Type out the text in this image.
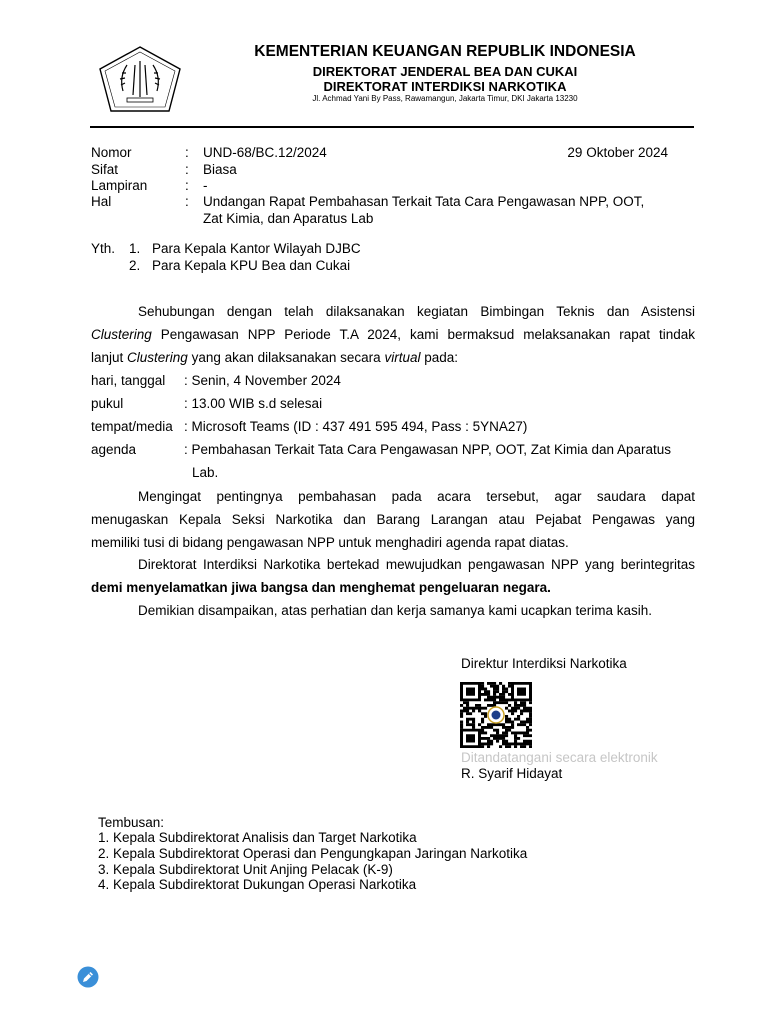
KEMENTERIAN KEUANGAN REPUBLIK INDONESIA
DIREKTORAT JENDERAL BEA DAN CUKAI
DIREKTORAT INTERDIKSI NARKOTIKA
Jl. Achmad Yani By Pass, Rawamangun, Jakarta Timur, DKI Jakarta 13230
29 Oktober 2024
Nomor	: UND-68/BC.12/2024
Sifat	: Biasa
Lampiran	: -
Hal	: Undangan Rapat Pembahasan Terkait Tata Cara Pengawasan NPP, OOT,
Zat Kimia, dan Aparatus Lab
Yth. 1. Para Kepala Kantor Wilayah DJBC
2. Para Kepala KPU Bea dan Cukai
Sehubungan dengan telah dilaksanakan kegiatan Bimbingan Teknis dan Asistensi
Clustering Pengawasan NPP Periode T.A 2024, kami bermaksud melaksanakan rapat tindak
lanjut Clustering yang akan dilaksanakan secara virtual pada:
hari, tanggal : Senin, 4 November 2024
pukul	: 13.00 WIB s.d selesai
tempat/media : Microsoft Teams (ID : 437 491 595 494, Pass : 5YNA27)
agenda	: Pembahasan Terkait Tata Cara Pengawasan NPP, OOT, Zat Kimia dan Aparatus
Lab.
Mengingat pentingnya pembahasan pada acara tersebut, agar saudara dapat
menugaskan Kepala Seksi Narkotika dan Barang Larangan atau Pejabat Pengawas yang
memiliki tusi di bidang pengawasan NPP untuk menghadiri agenda rapat diatas.
Direktorat Interdiksi Narkotika bertekad mewujudkan pengawasan NPP yang berintegritas
demi menyelamatkan jiwa bangsa dan menghemat pengeluaran negara.
Demikian disampaikan, atas perhatian dan kerja samanya kami ucapkan terima kasih.
Direktur Interdiksi Narkotika
Ditandatangani secara elektronik
R. Syarif Hidayat
Tembusan:
1. Kepala Subdirektorat Analisis dan Target Narkotika
2. Kepala Subdirektorat Operasi dan Pengungkapan Jaringan Narkotika
3. Kepala Subdirektorat Unit Anjing Pelacak (K-9)
4. Kepala Subdirektorat Dukungan Operasi Narkotika
